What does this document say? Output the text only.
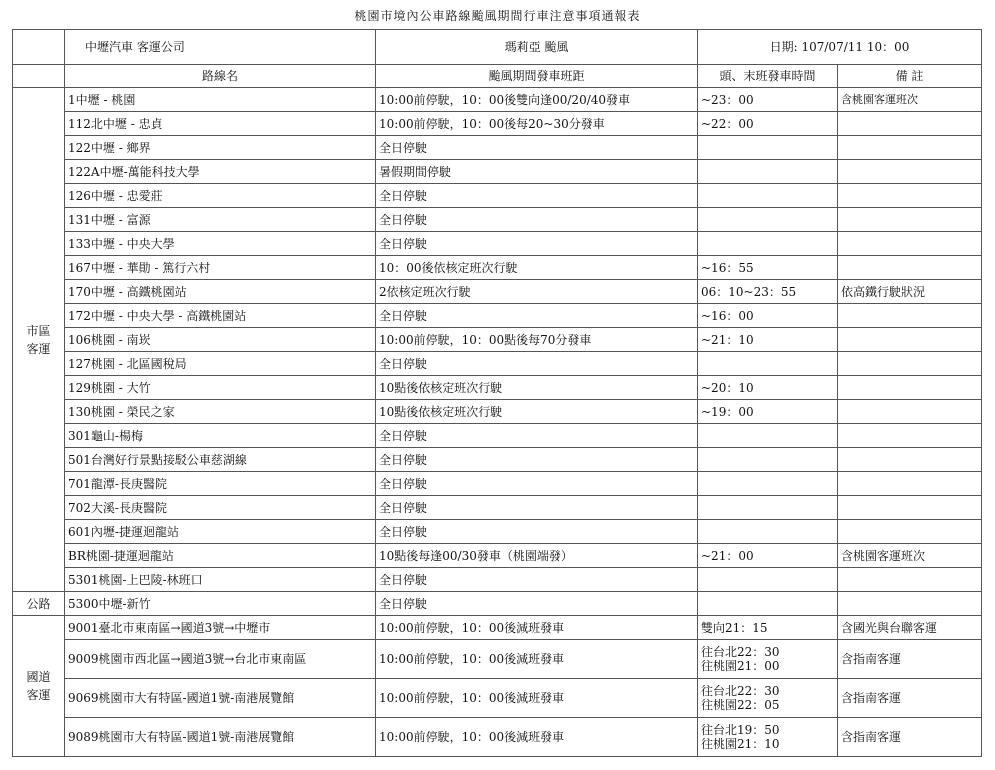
桃園市境內公車路線颱風期間行車注意事項通報表
	中壢汽車 客運公司	瑪莉亞 颱風	日期: 107/07/11 10：00	
	路線名	颱風期間發車班距	頭、末班發車時間	備 註

市區
客運	1中壢 - 桃園	10:00前停駛，10：00後雙向逢00/20/40發車	~23：00	含桃園客運班次
	112北中壢 - 忠貞	10:00前停駛，10：00後每20~30分發車	~22：00	
	122中壢 - 鄉界	全日停駛		
	122A中壢-萬能科技大學	暑假期間停駛		
	126中壢 - 忠愛莊	全日停駛		
	131中壢 - 富源	全日停駛		
	133中壢 - 中央大學	全日停駛		
	167中壢 - 華勛 - 篤行六村	10：00後依核定班次行駛	~16：55	
	170中壢 - 高鐵桃園站	2依核定班次行駛	06：10~23：55	依高鐵行駛狀況
	172中壢 - 中央大學 - 高鐵桃園站	全日停駛	~16：00	
	106桃園 - 南崁	10:00前停駛，10：00點後每70分發車	~21：10	
	127桃園 - 北區國稅局	全日停駛		
	129桃園 - 大竹	10點後依核定班次行駛	~20：10	
	130桃園 - 榮民之家	10點後依核定班次行駛	~19：00	
	301龜山-楊梅	全日停駛		
	501台灣好行景點接駁公車慈湖線	全日停駛		
	701龍潭-長庚醫院	全日停駛		
	702大溪-長庚醫院	全日停駛		
	601內壢-捷運迴龍站	全日停駛		
	BR桃園-捷運迴龍站	10點後每逢00/30發車（桃園端發）	~21：00	含桃園客運班次
	5301桃園-上巴陵-林班口	全日停駛		

公路	5300中壢-新竹	全日停駛		

國道
客運	9001臺北市東南區→國道3號→中壢市	10:00前停駛，10：00後減班發車	雙向21：15	含國光與台聯客運
	9009桃園市西北區→國道3號→台北市東南區	10:00前停駛，10：00後減班發車	往台北22：30
往桃園21：00	含指南客運
	9069桃園市大有特區-國道1號-南港展覽館	10:00前停駛，10：00後減班發車	往台北22：30
往桃園22：05	含指南客運
	9089桃園市大有特區-國道1號-南港展覽館	10:00前停駛，10：00後減班發車	往台北19：50
往桃園21：10	含指南客運
